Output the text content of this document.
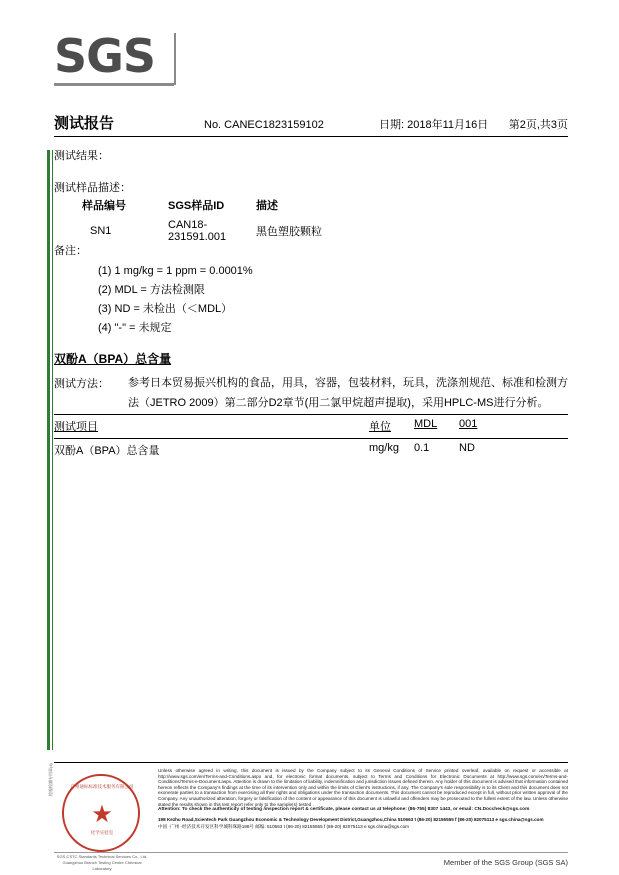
SGS
测试报告	No. CANEC1823159102	日期: 2018年11月16日	第2页,共3页
测试结果：
测试样品描述：
样品编号	SGS样品ID	描述
SN1	CAN18-231591.001	黑色塑胶颗粒
备注：
(1) 1 mg/kg = 1 ppm = 0.0001%
(2) MDL = 方法检测限
(3) ND = 未检出（＜MDL）
(4) "-" = 未规定
双酚A（BPA）总含量
测试方法： 参考日本贸易振兴机构的食品，用具，容器，包装材料，玩具，洗涤剂规范、标准和检测方
法（JETRO 2009）第二部分D2章节(用二氯甲烷超声提取)，采用HPLC-MS进行分析。
测试项目	单位	MDL	001
双酚A（BPA）总含量	mg/kg	0.1	ND
广州通标标准技术服务有限公司
★
化学实验室
SGS-CSTC Standards Technical Services Co., Ltd.
Guangzhou Branch Testing Centre Chemical Laboratory
检验检测专用章(4)	Unless otherwise agreed in writing, this document is issued by the Company subject to its General Conditions of Service printed overleaf, available on request or accessible at http://www.sgs.com/en/Terms-and-Conditions.aspx and, for electronic format documents, subject to Terms and Conditions for Electronic Documents at http://www.sgs.com/en/Terms-and-Conditions/Terms-e-Document.aspx. Attention is drawn to the limitation of liability, indemnification and jurisdiction issues defined therein. Any holder of this document is advised that information contained hereon reflects the Company's findings at the time of its intervention only and within the limits of Client's instructions, if any. The Company's sole responsibility is to its Client and this document does not exonerate parties to a transaction from exercising all their rights and obligations under the transaction documents. This document cannot be reproduced except in full, without prior written approval of the Company. Any unauthorized alteration, forgery or falsification of the content or appearance of this document is unlawful and offenders may be prosecuted to the fullest extent of the law. Unless otherwise stated the results shown in this test report refer only to the sample(s) tested .
Attention: To check the authenticity of testing /inspection report & certificate, please contact us at telephone: (86-755) 8307 1443, or email: CN.Doccheck@sgs.com
198 Kezhu Road,Scientech Park Guangzhou Economic & Technology Development District,Guangzhou,China 510663 t (86-20) 82155555 f (86-20) 82075113 e sgs.china@sgs.com
中国 ·广州 ·经济技术开发区科学城科珠路198号 邮编: 510663 t (86-20) 82155555 f (86-20) 82075113 e sgs.china@sgs.com
Member of the SGS Group (SGS SA)
